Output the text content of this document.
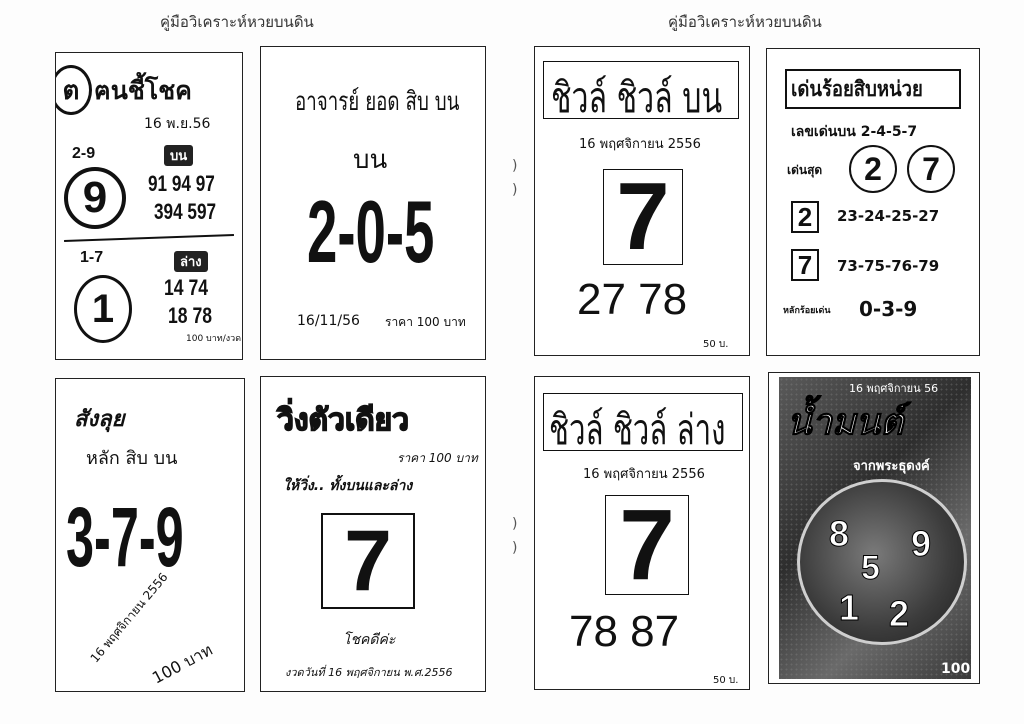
คู่มือวิเคราะห์หวยบนดิน	คู่มือวิเคราะห์หวยบนดิน
)
)
)
)
ต ฅนชี้โชค
16 พ.ย.56
2-9	บน
9 91 94 97
394 597
1-7	ล่าง
1 14 74
18 78
100 บาท/งวด
อาจารย์ ยอด สิบ บน
บน
2-0-5
16/11/56 ราคา 100 บาท
ชิวล์ ชิวล์ บน
16 พฤศจิกายน 2556
7
27 78
50 บ.
เด่นร้อยสิบหน่วย
เลขเด่นบน 2-4-5-7
เด่นสุด	2	7
2	23-24-25-27
7	73-75-76-79
หลักร้อยเด่น 0-3-9
สังลุย
หลัก สิบ บน
3-7-9
16 พฤศจิกายน 2556
100 บาท
วิ่งตัวเดียว
ราคา 100 บาท
ให้วิ่ง.. ทั้งบนและล่าง
7
โชคดีค่ะ
งวดวันที่ 16 พฤศจิกายน พ.ศ.2556
ชิวล์ ชิวล์ ล่าง
16 พฤศจิกายน 2556
7
78 87
50 บ.
16 พฤศจิกายน 56
น้ำมนต์
จากพระธุดงค์
8 9
5
1 2
100
